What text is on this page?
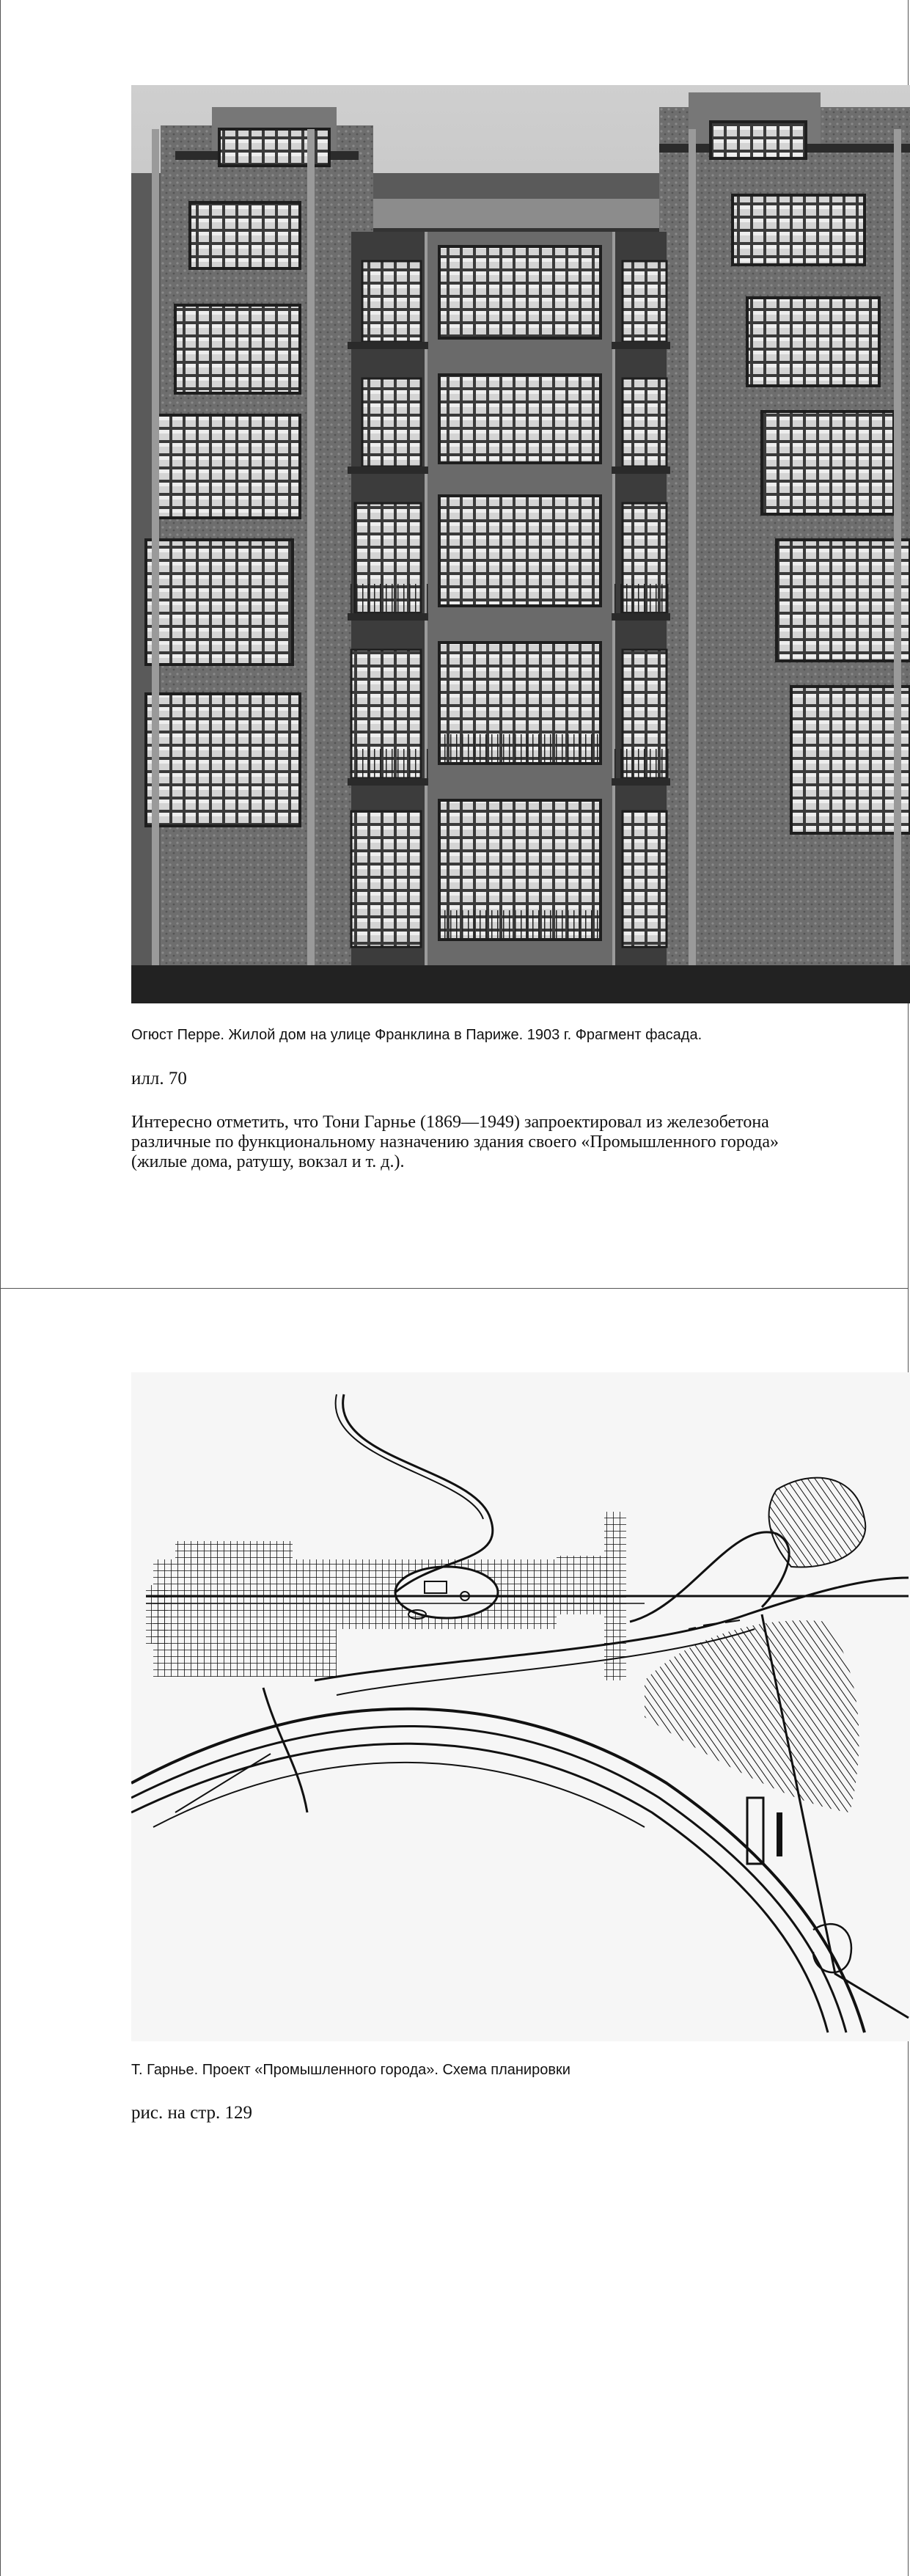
Огюст Перре. Жилой дом на улице Франклина в Париже. 1903 г. Фрагмент фасада.
илл. 70

Интересно отметить, что Тони Гарнье (1869—1949) запроектировал из железобетона

различные по функциональному назначению здания своего «Промышленного города»

(жилые дома, ратушу, вокзал и т. д.).

Т. Гарнье. Проект «Промышленного города». Схема планировки
рис. на стр. 129
